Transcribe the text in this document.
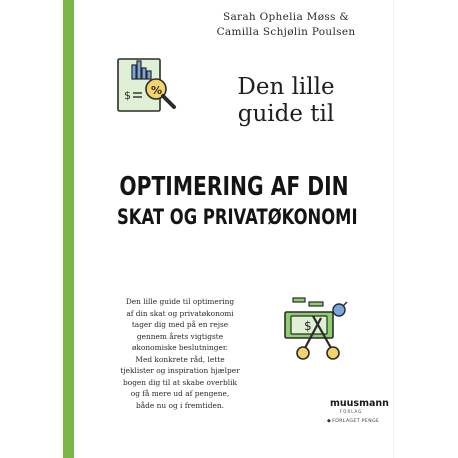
Sarah Ophelia Møss &
Camilla Schjølin Poulsen
$ %	Den lille
guide til
OPTIMERING AF DIN
SKAT OG PRIVATØKONOMI
Den lille guide til optimering
af din skat og privatøkonomi
tager dig med på en rejse
gennem årets vigtigste
økonomiske beslutninger.
Med konkrete råd, lette
tjeklister og inspiration hjælper
bogen dig til at skabe overblik
og få mere ud af pengene,
både nu og i fremtiden.
$
muusmann
FORLAG
◆FORLAGET PENGE
